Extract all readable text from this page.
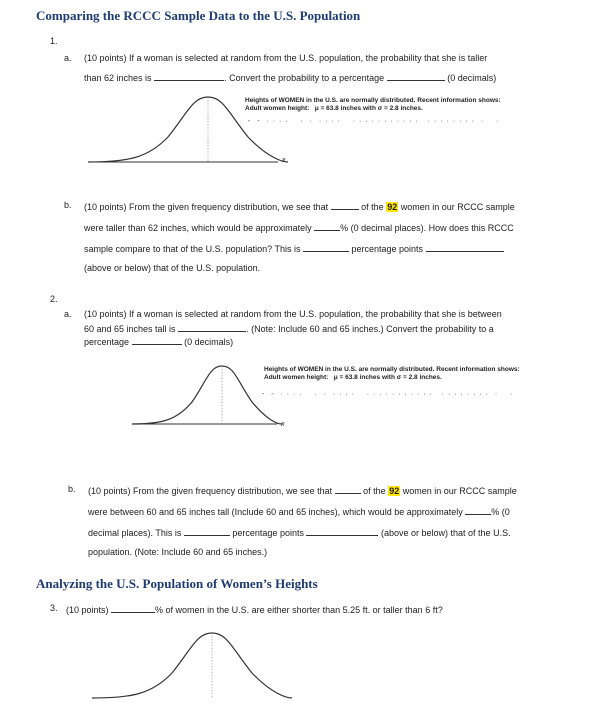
Comparing the RCCC Sample Data to the U.S. Population
1.
a. (10 points) If a woman is selected at random from the U.S. population, the probability that she is taller
than 62 inches is	. Convert the probability to a percentage	(0 decimals)
x
Heights of WOMEN in the U.S. are normally distributed. Recent information shows:
Adult women height: μ = 63.8 inches with σ = 2.8 inches.
-  -  · · · ·    ·  ·  · · · ·    · · · · · · · · · · ·   · · · · · · · ·  ·    ·
b. (10 points) From the given frequency distribution, we see that	of the 92 women in our RCCC sample
were taller than 62 inches, which would be approximately	% (0 decimal places). How does this RCCC
sample compare to that of the U.S. population? This is	percentage points
(above or below) that of the U.S. population.
2.
a. (10 points) If a woman is selected at random from the U.S. population, the probability that she is between
60 and 65 inches tall is	. (Note: Include 60 and 65 inches.) Convert the probability to a
percentage	(0 decimals)
x
Heights of WOMEN in the U.S. are normally distributed. Recent information shows:
Adult women height: μ = 63.8 inches with σ = 2.8 inches.
-  -  · · · ·    ·  ·  · · · ·    · · · · · · · · · · ·   · · · · · · · ·  ·    ·
b. (10 points) From the given frequency distribution, we see that	of the 92 women in our RCCC sample
were between 60 and 65 inches tall (Include 60 and 65 inches), which would be approximately	% (0
decimal places). This is	percentage points	(above or below) that of the U.S.
population. (Note: Include 60 and 65 inches.)
Analyzing the U.S. Population of Women’s Heights
3. (10 points)	% of women in the U.S. are either shorter than 5.25 ft. or taller than 6 ft?
